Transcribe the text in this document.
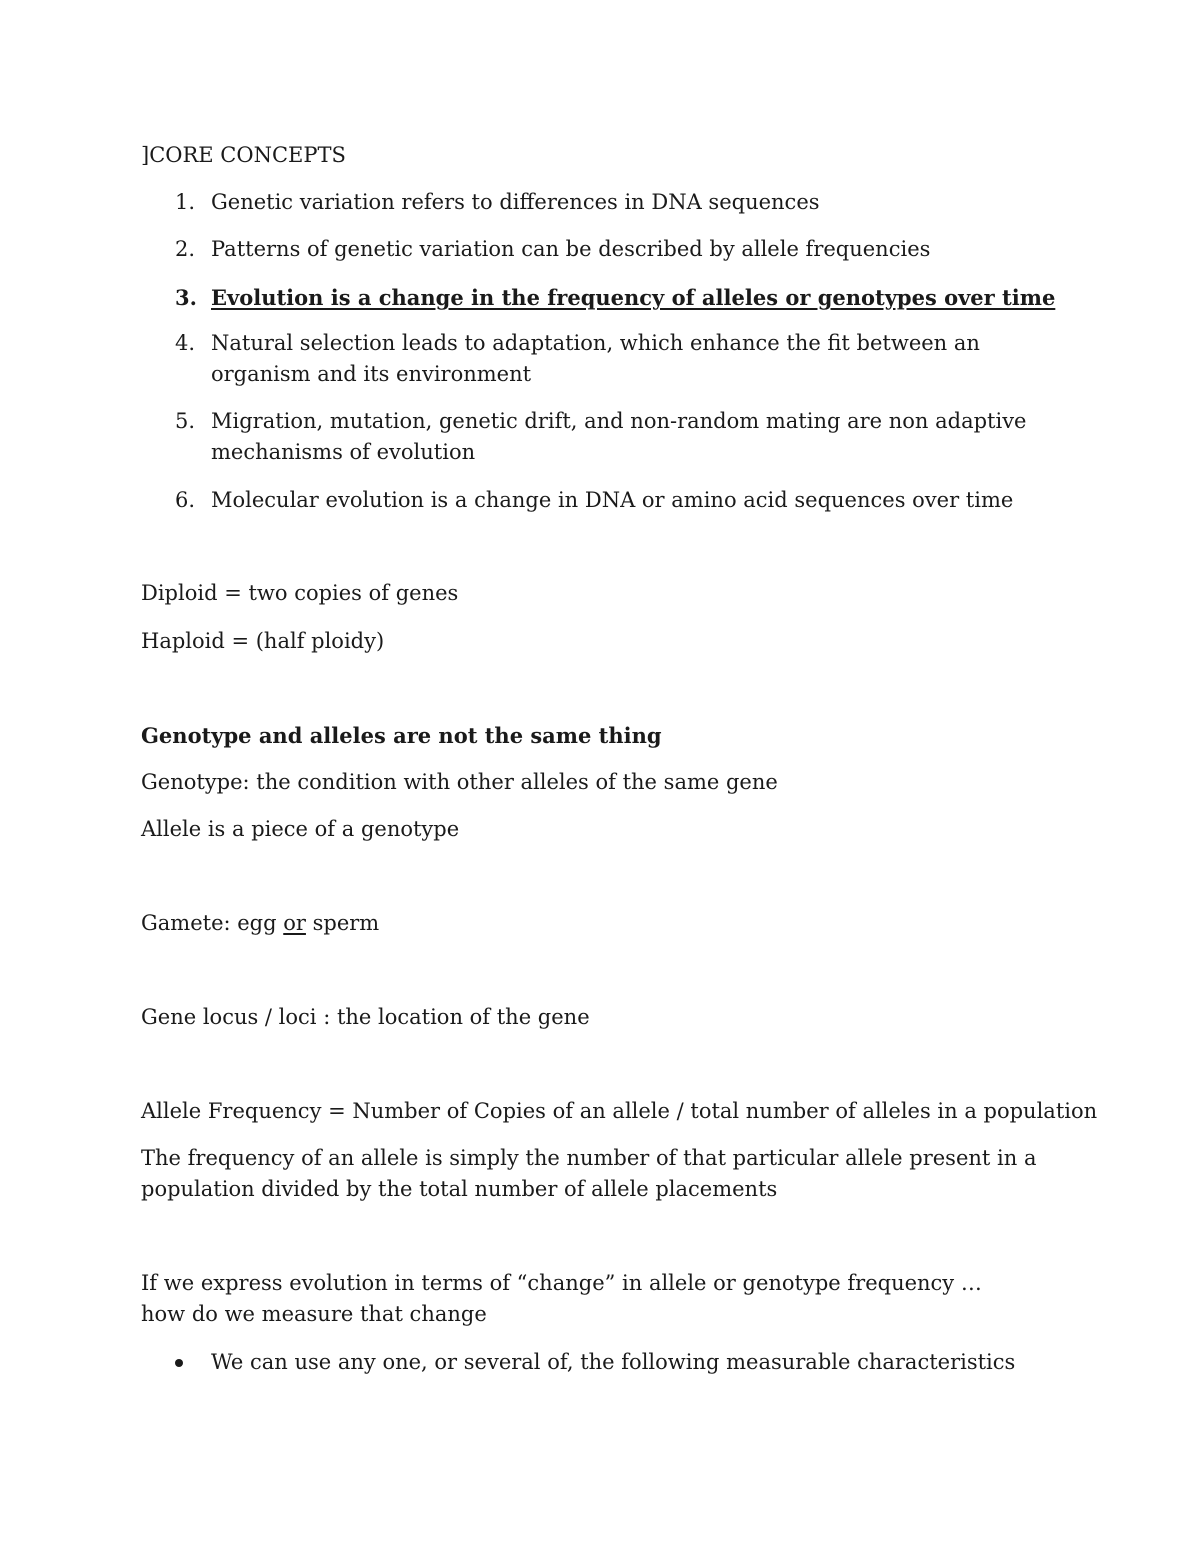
]CORE CONCEPTS
1. Genetic variation refers to differences in DNA sequences
2. Patterns of genetic variation can be described by allele frequencies
3. Evolution is a change in the frequency of alleles or genotypes over time
4. Natural selection leads to adaptation, which enhance the fit between an organism and its environment
5. Migration, mutation, genetic drift, and non-random mating are non adaptive mechanisms of evolution
6. Molecular evolution is a change in DNA or amino acid sequences over time
Diploid = two copies of genes
Haploid = (half ploidy)
Genotype and alleles are not the same thing
Genotype: the condition with other alleles of the same gene
Allele is a piece of a genotype
Gamete: egg or sperm
Gene locus / loci : the location of the gene
Allele Frequency = Number of Copies of an allele / total number of alleles in a population
The frequency of an allele is simply the number of that particular allele present in a population divided by the total number of allele placements
If we express evolution in terms of “change” in allele or genotype frequency … how do we measure that change
We can use any one, or several of, the following measurable characteristics
